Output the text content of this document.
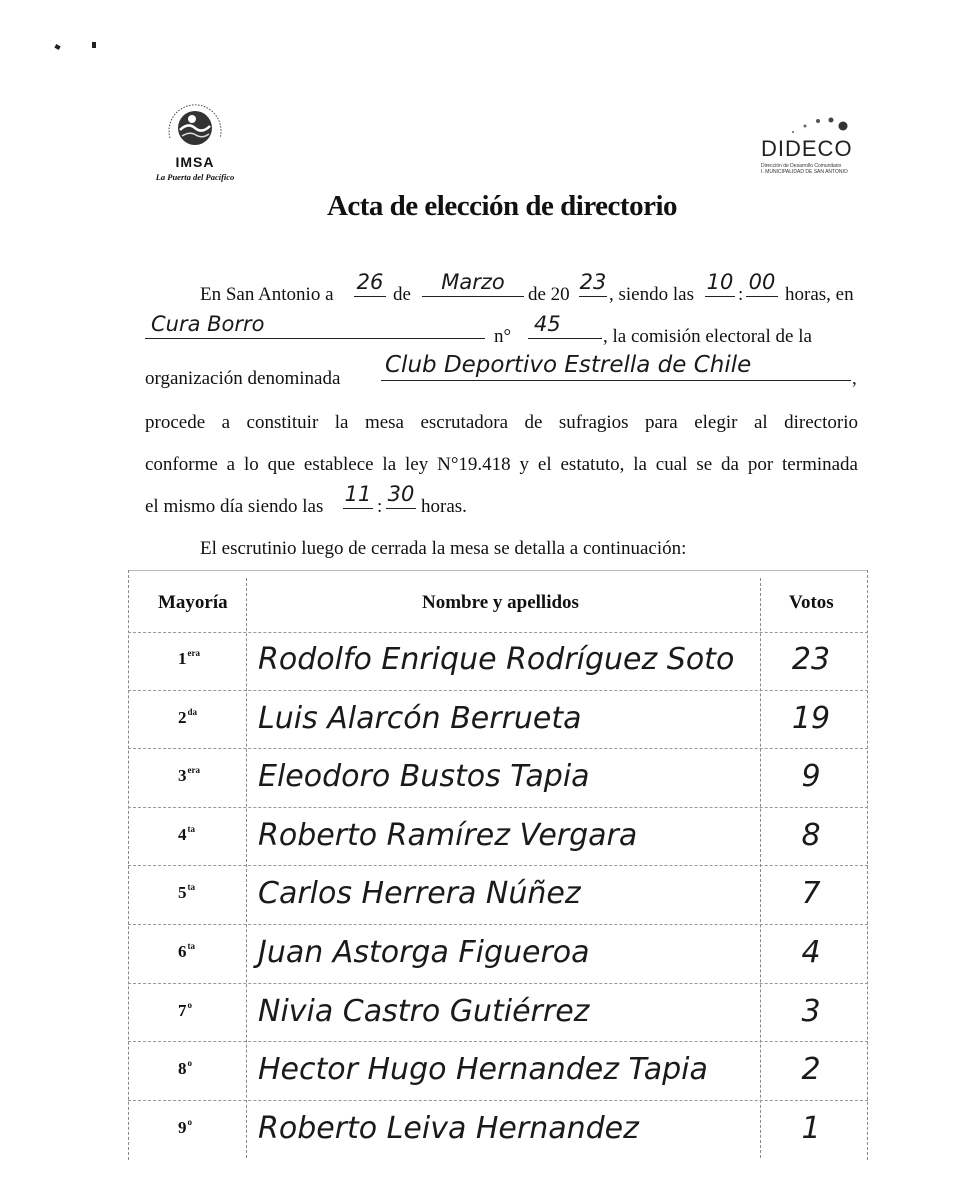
IMSA
La Puerta del Pacífico
DIDECO
Dirección de Desarrollo Comunitario
I. MUNICIPALIDAD DE SAN ANTONIO
Acta de elección de directorio
En San Antonio a
26
de
Marzo
de 20
23
, siendo las
10
:
00
horas, en
Cura Borro
n°
45
, la comisión electoral de la
organización denominada
Club Deportivo Estrella de Chile
,
procede a constituir la mesa escrutadora de sufragios para elegir al directorio
conforme a lo que establece la ley N°19.418 y el estatuto, la cual se da por terminada
el mismo día siendo las
11
:
30
horas.
El escrutinio luego de cerrada la mesa se detalla a continuación:
Mayoría	Nombre y apellidos	Votos
$1^{era}$ Rodolfo Enrique Rodríguez Soto	23
$2^{da}$ Luis Alarcón Berrueta	19
$3^{era}$ Eleodoro Bustos Tapia	9
$4^{ta}$ Roberto Ramírez Vergara	8
$5^{ta}$ Carlos Herrera Núñez	7
$6^{ta}$ Juan Astorga Figueroa	4
7$^o$ Nivia Castro Gutiérrez	3
8$^o$ Hector Hugo Hernandez Tapia	2
9$^o$ Roberto Leiva Hernandez	1
